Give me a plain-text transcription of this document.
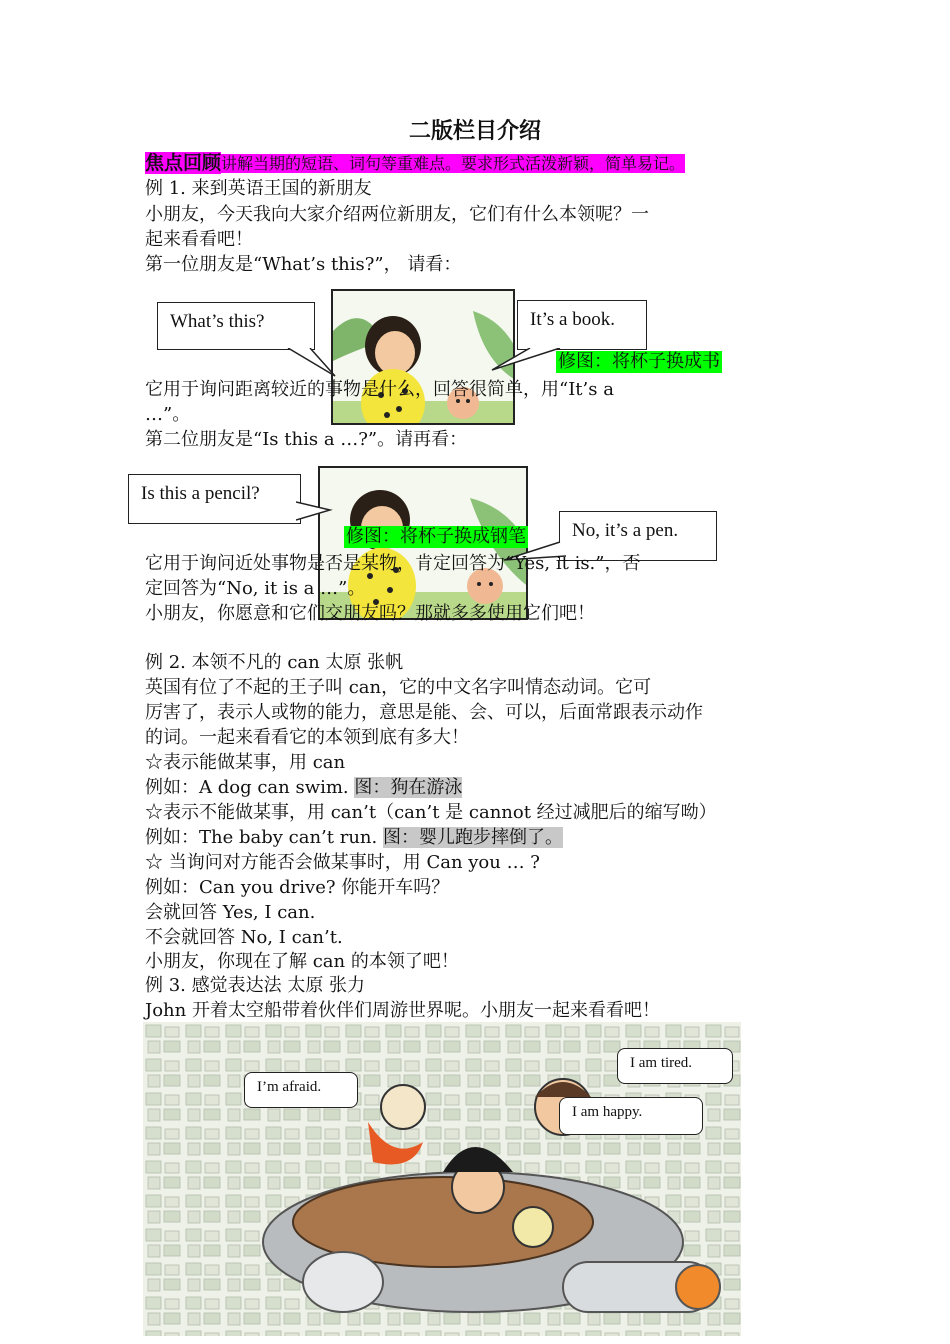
二版栏目介绍
焦点回顾讲解当期的短语、词句等重难点。要求形式活泼新颖，简单易记。
例 1. 来到英语王国的新朋友
小朋友，今天我向大家介绍两位新朋友，它们有什么本领呢？一
起来看看吧！
第一位朋友是“What’s this?”， 请看：
What’s this?	It’s a book.
修图：将杯子换成书
它用于询问距离较近的事物是什么，回答很简单，用“It’s a
…”。
第二位朋友是“Is this a …?”。请再看：
Is this a pencil?
修图：将杯子换成钢笔	No, it’s a pen.
它用于询问近处事物是否是某物，肯定回答为“Yes, it is.”，否
定回答为“No, it is a …”。
小朋友，你愿意和它们交朋友吗？那就多多使用它们吧！
例 2. 本领不凡的 can 太原 张帆
英国有位了不起的王子叫 can，它的中文名字叫情态动词。它可
厉害了，表示人或物的能力，意思是能、会、可以，后面常跟表示动作
的词。一起来看看它的本领到底有多大！
☆表示能做某事，用 can
例如：A dog can swim. 图：狗在游泳
☆表示不能做某事，用 can’t（can’t 是 cannot 经过减肥后的缩写呦）
例如：The baby can’t run. 图：婴儿跑步摔倒了。
☆ 当询问对方能否会做某事时，用 Can you … ?
例如：Can you drive? 你能开车吗？
会就回答 Yes, I can.
不会就回答 No, I can’t.
小朋友，你现在了解 can 的本领了吧！
例 3. 感觉表达法 太原 张力
John 开着太空船带着伙伴们周游世界呢。小朋友一起来看看吧！
I am tired.
I’m afraid.
I am happy.
